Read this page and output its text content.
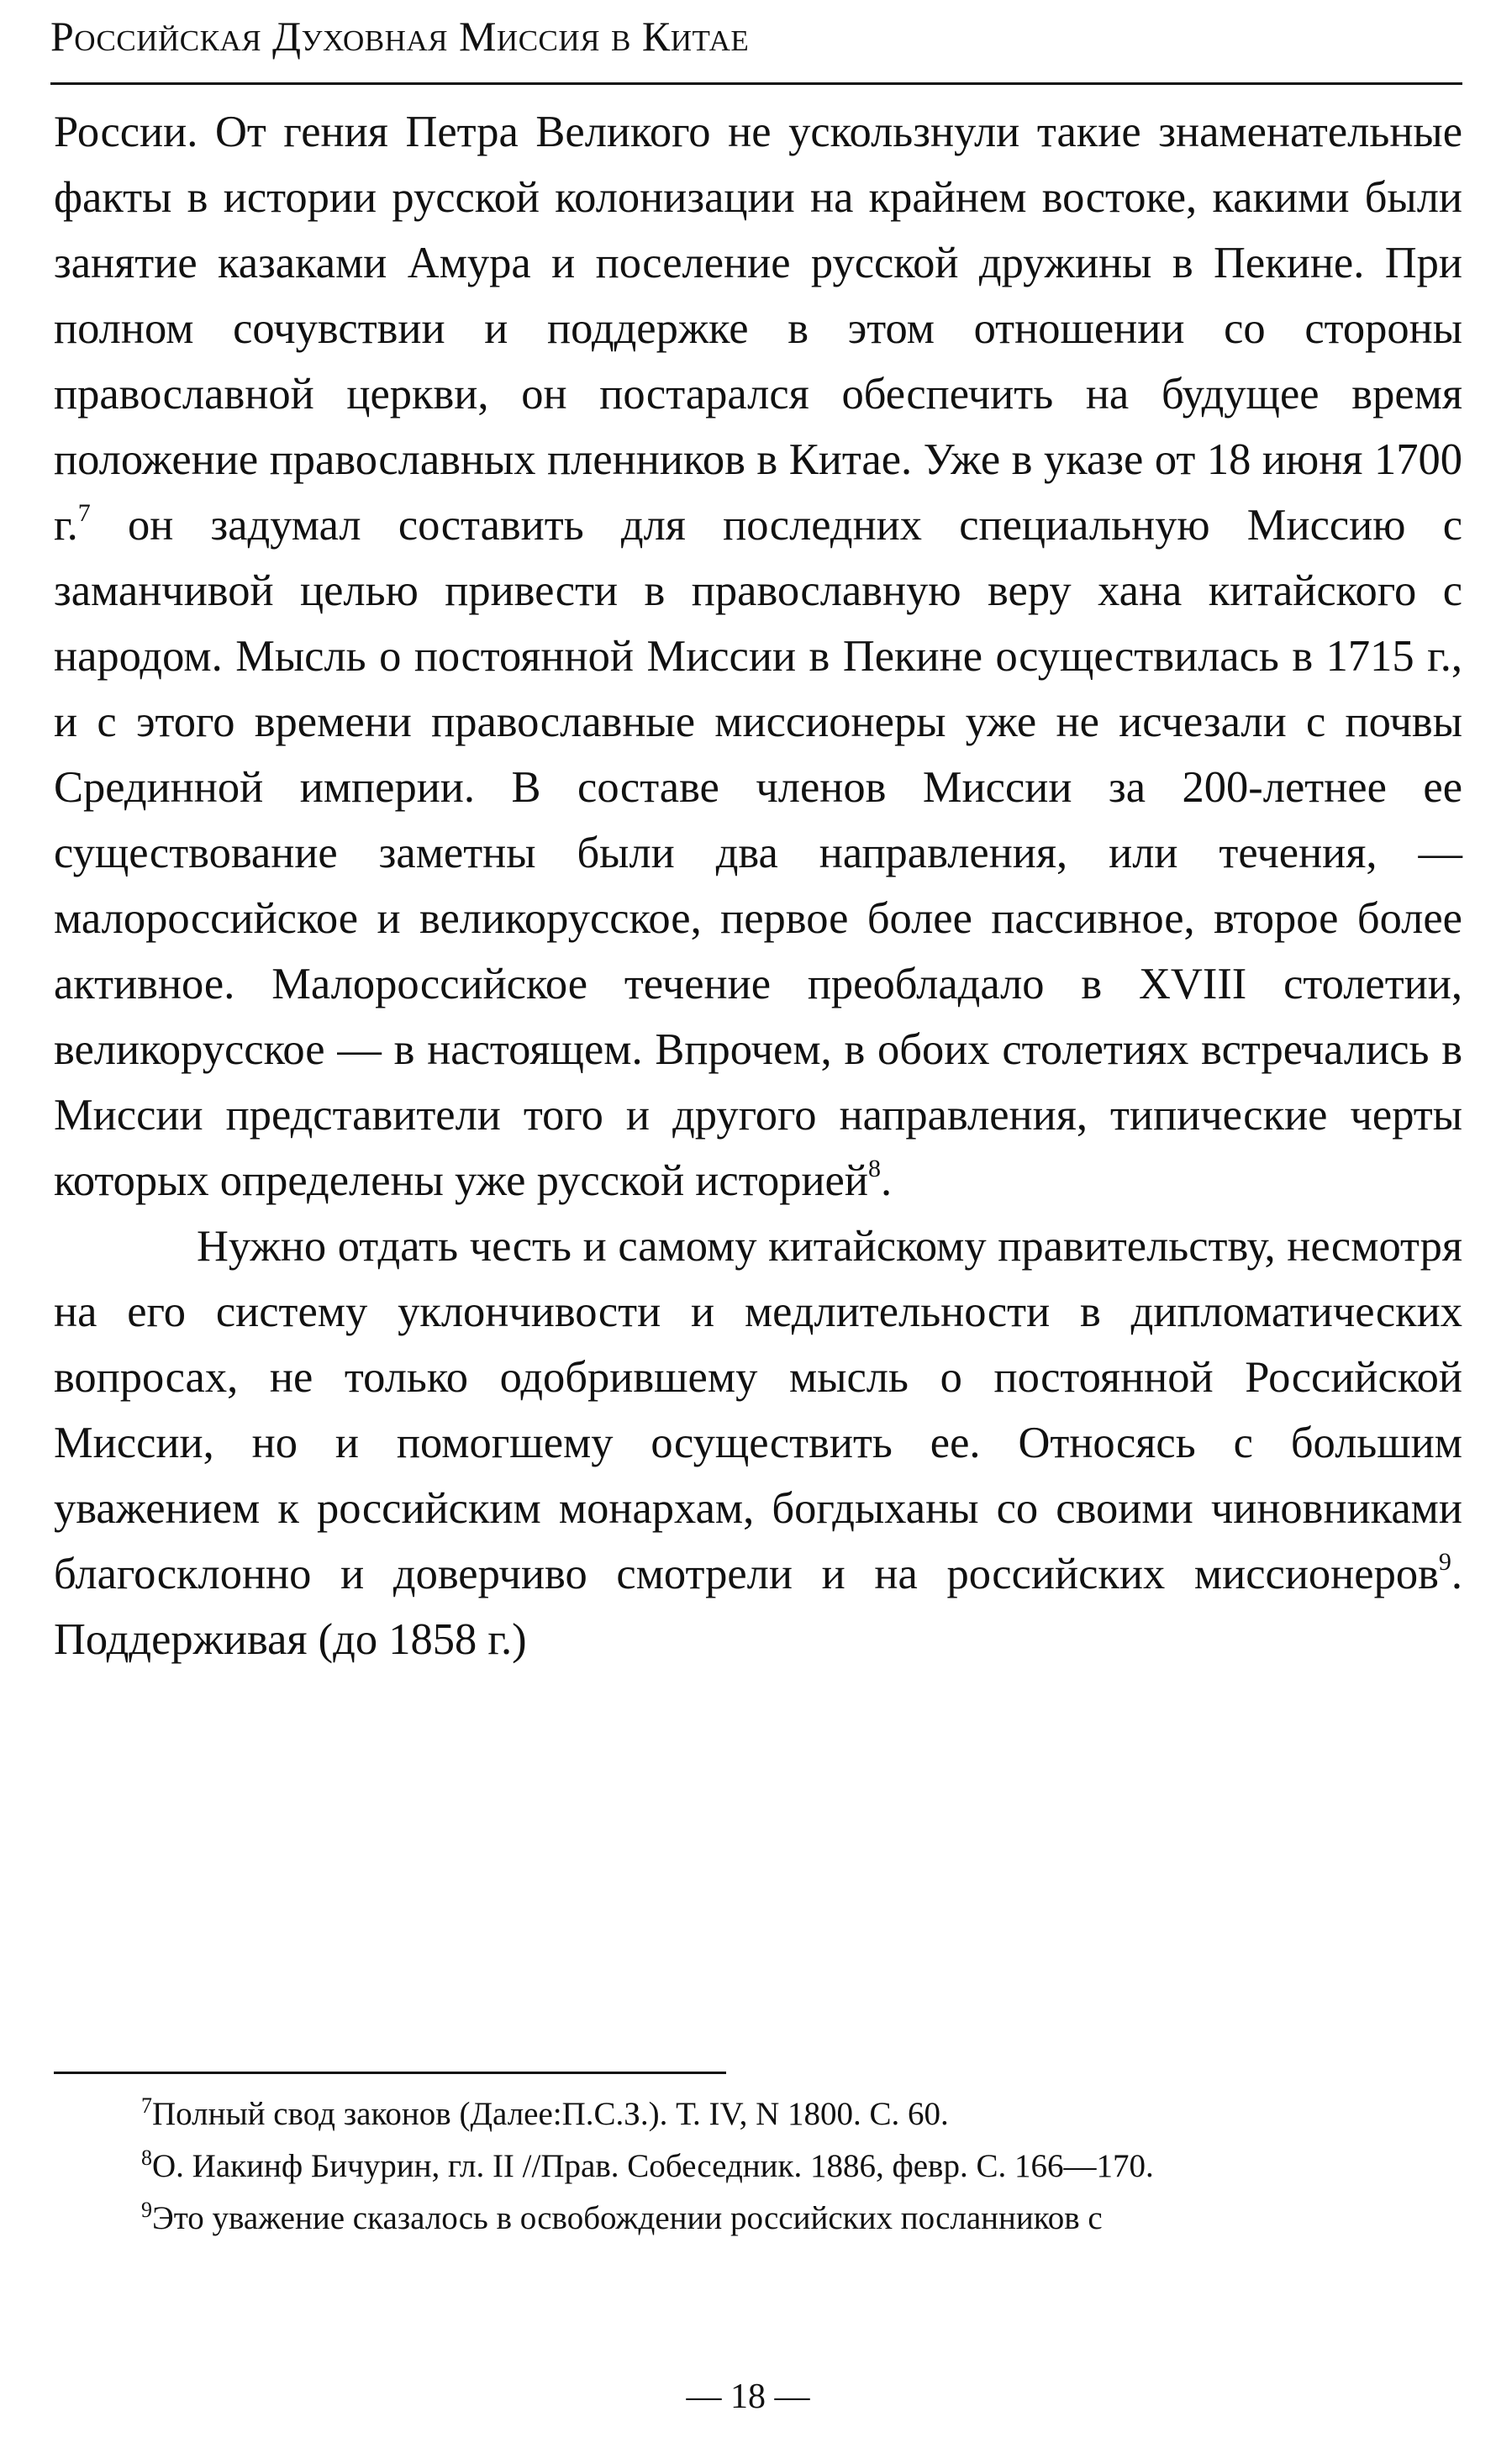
Российская Духовная Миссия в Китае

России. От гения Петра Великого не ускользнули такие знаменательные факты в истории русской колонизации на крайнем востоке, какими были занятие казаками Амура и поселение русской дружины в Пекине. При полном сочувствии и поддержке в этом отношении со стороны православной церкви, он постарался обеспечить на будущее время положение православных пленников в Китае. Уже в указе от 18 июня 1700 г.$^7$ он задумал составить для последних специальную Миссию с заманчивой целью привести в православную веру хана китайского с народом. Мысль о постоянной Миссии в Пекине осуществилась в 1715 г., и с этого времени православные миссионеры уже не исчезали с почвы Срединной империи. В составе членов Миссии за 200-летнее ее существование заметны были два направления, или течения, —малороссийское и великорусское, первое более пассивное, второе более активное. Малороссийское течение преобладало в XVIII столетии, великорусское — в настоящем. Впрочем, в обоих столетиях встречались в Миссии представители того и другого направления, типические черты которых определены уже русской историей$^8$.

Нужно отдать честь и самому китайскому правительству, несмотря на его систему уклончивости и медлительности в дипломатических вопросах, не только одобрившему мысль о постоянной Российской Миссии, но и помогшему осуществить ее. Относясь с большим уважением к российским монархам, богдыханы со своими чиновниками благосклонно и доверчиво смотрели и на российских миссионеров$^9$. Поддерживая (до 1858 г.)

$^7$Полный свод законов (Далее:П.С.З.). Т. IV, N 1800. С. 60.

$^8$О. Иакинф Бичурин, гл. II //Прав. Собеседник. 1886, февр. С. 166—170.

$^9$Это уважение сказалось в освобождении российских посланников с

— 18 —
